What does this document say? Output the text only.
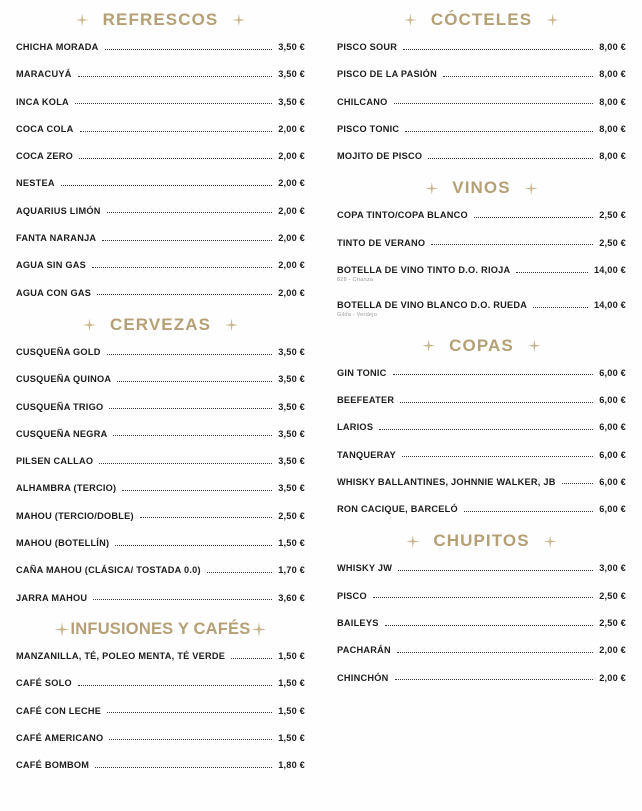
REFRESCOS
CHICHA MORADA	3,50 €
MARACUYÁ	3,50 €
INCA KOLA	3,50 €
COCA COLA	2,00 €
COCA ZERO	2,00 €
NESTEA	2,00 €
AQUARIUS LIMÓN	2,00 €
FANTA NARANJA	2,00 €
AGUA SIN GAS	2,00 €
AGUA CON GAS	2,00 €
CERVEZAS
CUSQUEÑA GOLD	3,50 €
CUSQUEÑA QUINOA	3,50 €
CUSQUEÑA TRIGO	3,50 €
CUSQUEÑA NEGRA	3,50 €
PILSEN CALLAO	3,50 €
ALHAMBRA (TERCIO)	3,50 €
MAHOU (TERCIO/DOBLE)	2,50 €
MAHOU (BOTELLÍN)	1,50 €
CAÑA MAHOU (CLÁSICA/ TOSTADA 0.0)	1,70 €
JARRA MAHOU	3,60 €
INFUSIONES Y CAFÉS
MANZANILLA, TÉ, POLEO MENTA, TÉ VERDE	1,50 €
CAFÉ SOLO	1,50 €
CAFÉ CON LECHE	1,50 €
CAFÉ AMERICANO	1,50 €
CAFÉ BOMBOM	1,80 €
CÓCTELES
PISCO SOUR	8,00 €
PISCO DE LA PASIÓN	8,00 €
CHILCANO	8,00 €
PISCO TONIC	8,00 €
MOJITO DE PISCO	8,00 €
VINOS
COPA TINTO/COPA BLANCO	2,50 €
TINTO DE VERANO	2,50 €
BOTELLA DE VINO TINTO D.O. RIOJA	14,00 €
828 - Crianza
BOTELLA DE VINO BLANCO D.O. RUEDA	14,00 €
Gilda - Verdejo
COPAS
GIN TONIC	6,00 €
BEEFEATER	6,00 €
LARIOS	6,00 €
TANQUERAY	6,00 €
WHISKY BALLANTINES, JOHNNIE WALKER, JB	6,00 €
RON CACIQUE, BARCELÓ	6,00 €
CHUPITOS
WHISKY JW	3,00 €
PISCO	2,50 €
BAILEYS	2,50 €
PACHARÁN	2,00 €
CHINCHÓN	2,00 €
